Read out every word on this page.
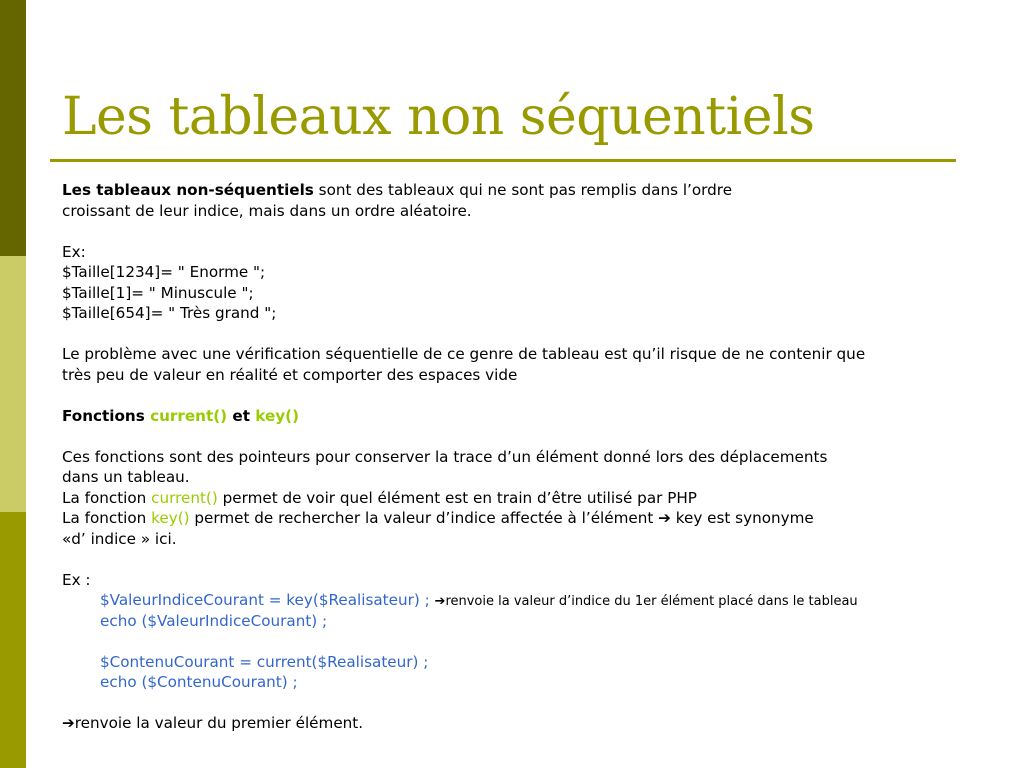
Les tableaux non séquentiels
Les tableaux non-séquentiels sont des tableaux qui ne sont pas remplis dans l’ordre
croissant de leur indice, mais dans un ordre aléatoire.
Ex:
$Taille[1234]= " Enorme ";
$Taille[1]= " Minuscule ";
$Taille[654]= " Très grand ";
Le problème avec une vérification séquentielle de ce genre de tableau est qu’il risque de ne contenir que
très peu de valeur en réalité et comporter des espaces vide
Fonctions current() et key()
Ces fonctions sont des pointeurs pour conserver la trace d’un élément donné lors des déplacements
dans un tableau.
La fonction current() permet de voir quel élément est en train d’être utilisé par PHP
La fonction key() permet de rechercher la valeur d’indice affectée à l’élément ➔ key est synonyme
«d’ indice » ici.
Ex :
$ValeurIndiceCourant = key($Realisateur) ; ➔renvoie la valeur d’indice du 1er élément placé dans le tableau
echo ($ValeurIndiceCourant) ;
$ContenuCourant = current($Realisateur) ;
echo ($ContenuCourant) ;
➔renvoie la valeur du premier élément.
